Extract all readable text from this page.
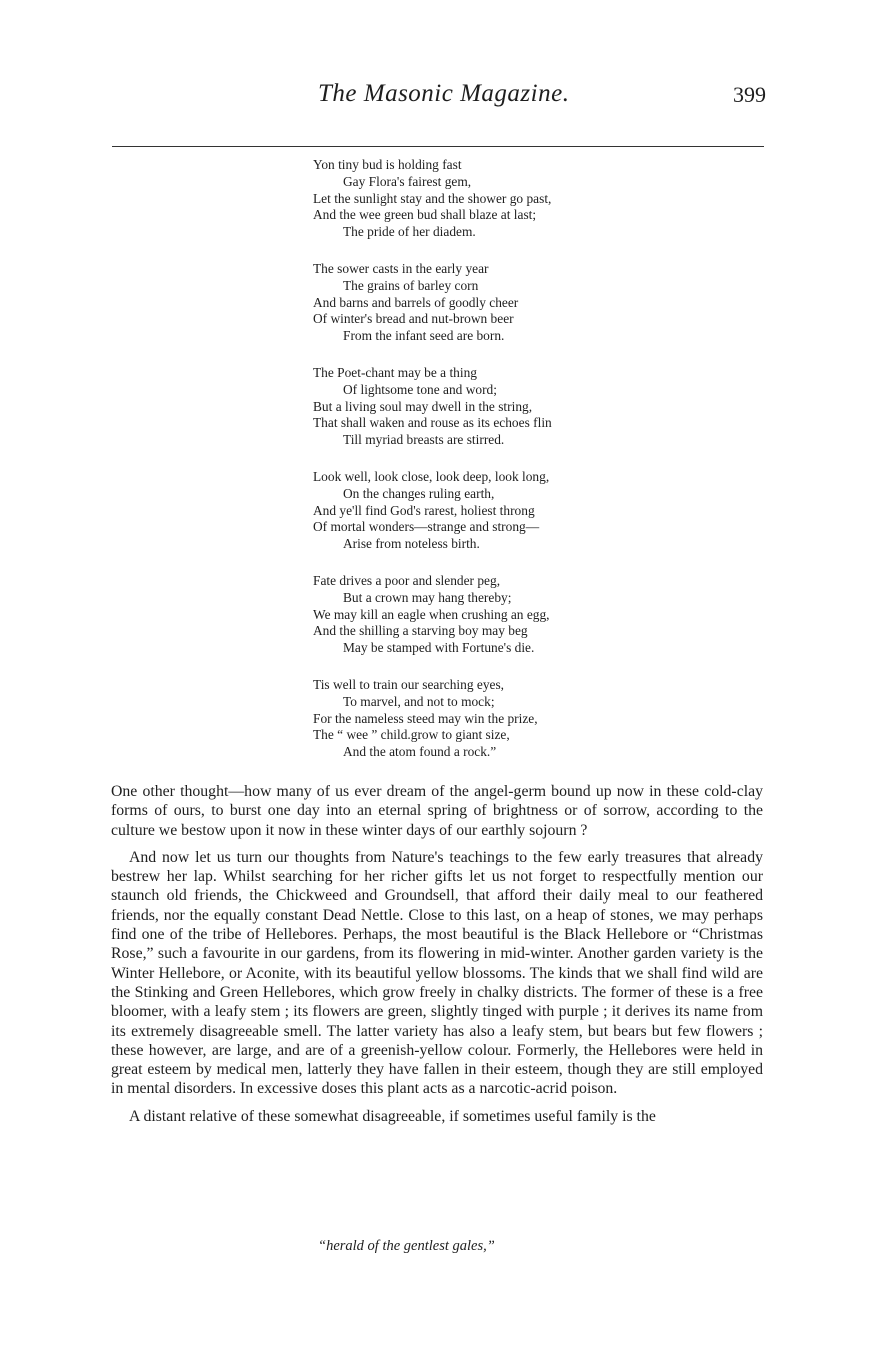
The Masonic Magazine.	399
Yon tiny bud is holding fast
Gay Flora's fairest gem,
Let the sunlight stay and the shower go past,
And the wee green bud shall blaze at last;
The pride of her diadem.
The sower casts in the early year
The grains of barley corn
And barns and barrels of goodly cheer
Of winter's bread and nut-brown beer
From the infant seed are born.
The Poet-chant may be a thing
Of lightsome tone and word;
But a living soul may dwell in the string,
That shall waken and rouse as its echoes flin
Till myriad breasts are stirred.
Look well, look close, look deep, look long,
On the changes ruling earth,
And ye'll find God's rarest, holiest throng
Of mortal wonders—strange and strong—
Arise from noteless birth.
Fate drives a poor and slender peg,
But a crown may hang thereby;
We may kill an eagle when crushing an egg,
And the shilling a starving boy may beg
May be stamped with Fortune's die.
Tis well to train our searching eyes,
To marvel, and not to mock;
For the nameless steed may win the prize,
The “ wee ” child.grow to giant size,
And the atom found a rock.”

One other thought—how many of us ever dream of the angel-germ bound up now in these cold-clay forms of ours, to burst one day into an eternal spring of brightness or of sorrow, according to the culture we bestow upon it now in these winter days of our earthly sojourn ?

And now let us turn our thoughts from Nature's teachings to the few early treasures that already bestrew her lap. Whilst searching for her richer gifts let us not forget to respectfully mention our staunch old friends, the Chickweed and Groundsell, that afford their daily meal to our feathered friends, nor the equally constant Dead Nettle. Close to this last, on a heap of stones, we may perhaps find one of the tribe of Hellebores. Perhaps, the most beautiful is the Black Hellebore or “Christmas Rose,” such a favourite in our gardens, from its flowering in mid-winter. Another garden variety is the Winter Hellebore, or Aconite, with its beautiful yellow blossoms. The kinds that we shall find wild are the Stinking and Green Hellebores, which grow freely in chalky districts. The former of these is a free bloomer, with a leafy stem ; its flowers are green, slightly tinged with purple ; it derives its name from its extremely disagreeable smell. The latter variety has also a leafy stem, but bears but few flowers ; these however, are large, and are of a greenish-yellow colour. Formerly, the Hellebores were held in great esteem by medical men, latterly they have fallen in their esteem, though they are still employed in mental disorders. In excessive doses this plant acts as a narcotic-acrid poison.

A distant relative of these somewhat disagreeable, if sometimes useful family is the

“herald of the gentlest gales,”
